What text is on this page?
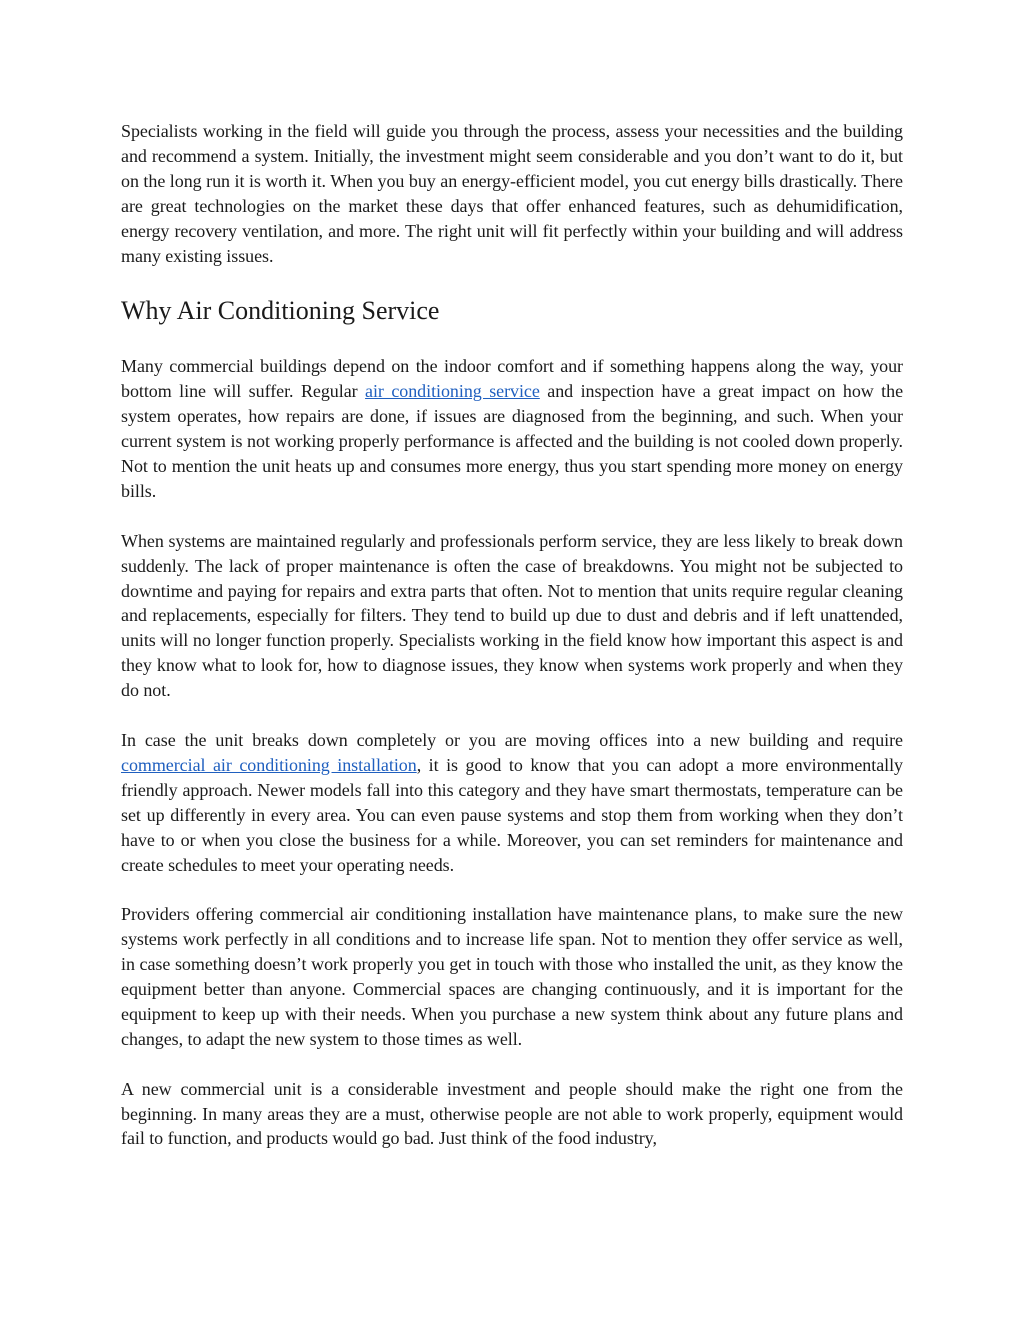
Specialists working in the field will guide you through the process, assess your necessities and the building and recommend a system. Initially, the investment might seem considerable and you don’t want to do it, but on the long run it is worth it. When you buy an energy-efficient model, you cut energy bills drastically. There are great technologies on the market these days that offer enhanced features, such as dehumidification, energy recovery ventilation, and more. The right unit will fit perfectly within your building and will address many existing issues.

Why Air Conditioning Service

Many commercial buildings depend on the indoor comfort and if something happens along the way, your bottom line will suffer. Regular air conditioning service and inspection have a great impact on how the system operates, how repairs are done, if issues are diagnosed from the beginning, and such. When your current system is not working properly performance is affected and the building is not cooled down properly. Not to mention the unit heats up and consumes more energy, thus you start spending more money on energy bills.

When systems are maintained regularly and professionals perform service, they are less likely to break down suddenly. The lack of proper maintenance is often the case of breakdowns. You might not be subjected to downtime and paying for repairs and extra parts that often. Not to mention that units require regular cleaning and replacements, especially for filters. They tend to build up due to dust and debris and if left unattended, units will no longer function properly. Specialists working in the field know how important this aspect is and they know what to look for, how to diagnose issues, they know when systems work properly and when they do not.

In case the unit breaks down completely or you are moving offices into a new building and require commercial air conditioning installation, it is good to know that you can adopt a more environmentally friendly approach. Newer models fall into this category and they have smart thermostats, temperature can be set up differently in every area. You can even pause systems and stop them from working when they don’t have to or when you close the business for a while. Moreover, you can set reminders for maintenance and create schedules to meet your operating needs.

Providers offering commercial air conditioning installation have maintenance plans, to make sure the new systems work perfectly in all conditions and to increase life span. Not to mention they offer service as well, in case something doesn’t work properly you get in touch with those who installed the unit, as they know the equipment better than anyone. Commercial spaces are changing continuously, and it is important for the equipment to keep up with their needs. When you purchase a new system think about any future plans and changes, to adapt the new system to those times as well.

A new commercial unit is a considerable investment and people should make the right one from the beginning. In many areas they are a must, otherwise people are not able to work properly, equipment would fail to function, and products would go bad. Just think of the food industry,
